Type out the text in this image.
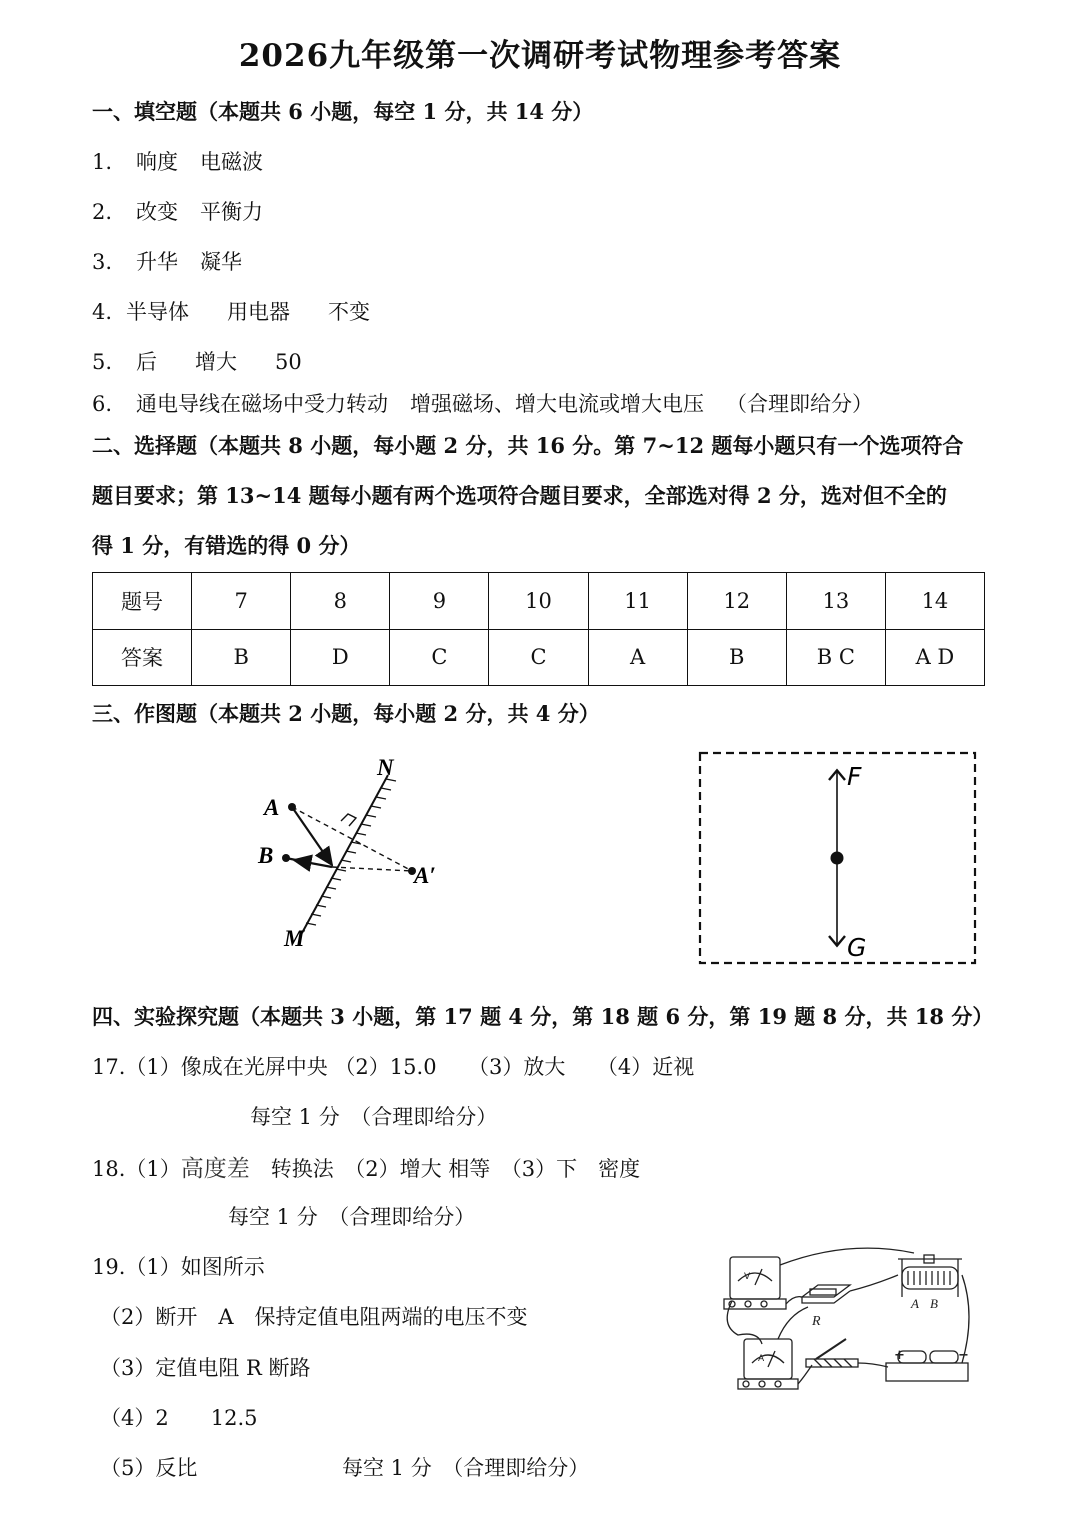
2026九年级第一次调研考试物理参考答案
一、填空题（本题共 6 小题，每空 1 分，共 14 分）
1. 响度 电磁波
2. 改变 平衡力
3. 升华 凝华
4. 半导体 用电器 不变
5. 后 增大 50
6. 通电导线在磁场中受力转动 增强磁场、增大电流或增大电压 （合理即给分）
二、选择题（本题共 8 小题，每小题 2 分，共 16 分。第 7~12 题每小题只有一个选项符合
题目要求；第 13~14 题每小题有两个选项符合题目要求，全部选对得 2 分，选对但不全的
得 1 分，有错选的得 0 分）
题号	7	8	9	10	11	12	13	14
答案	B	D	C	C	A	B	B C	A D
三、作图题（本题共 2 小题，每小题 2 分，共 4 分）
N
M
A
B
A′
F
G
四、实验探究题（本题共 3 小题，第 17 题 4 分，第 18 题 6 分，第 19 题 8 分，共 18 分）
17.（1）像成在光屏中央 （2）15.0　　（3）放大　　（4）近视
每空 1 分　（合理即给分）
18.（1）高度差　转换法　（2）增大 相等　（3）下　密度
每空 1 分　（合理即给分）
19.（1）如图所示
（2）断开　A　保持定值电阻两端的电压不变
（3）定值电阻 R 断路
（4）2　　12.5
（5）反比	每空 1 分　（合理即给分）
V
A
R
A B
+	−
